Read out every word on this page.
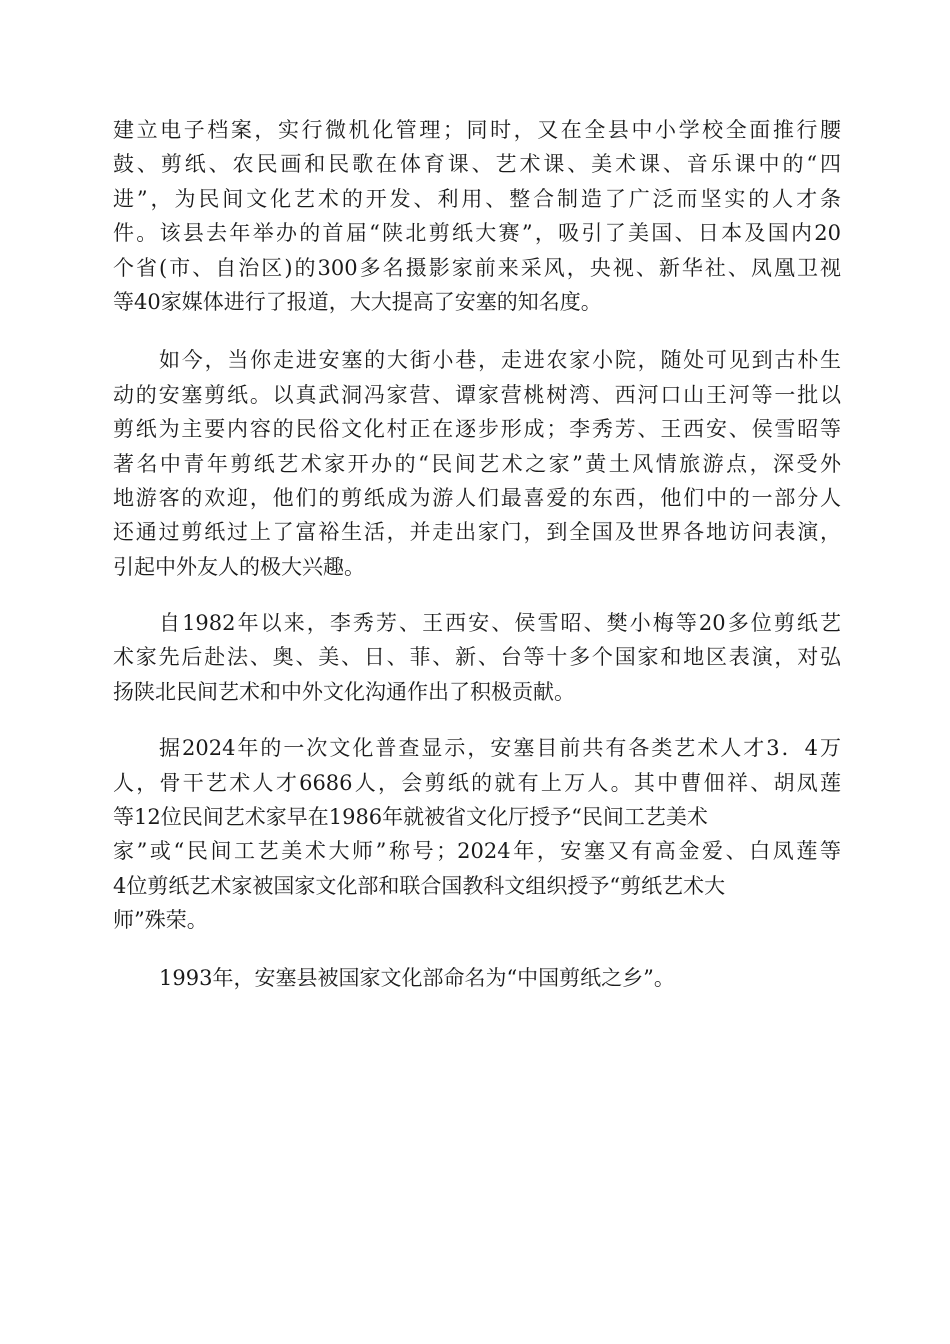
建立电子档案，实行微机化管理；同时，又在全县中小学校全面推行腰
鼓、剪纸、农民画和民歌在体育课、艺术课、美术课、音乐课中的“四
进”，为民间文化艺术的开发、利用、整合制造了广泛而坚实的人才条
件。该县去年举办的首届“陕北剪纸大赛”，吸引了美国、日本及国内20
个省(市、自治区)的300多名摄影家前来采风，央视、新华社、凤凰卫视
等40家媒体进行了报道，大大提高了安塞的知名度。
如今，当你走进安塞的大街小巷，走进农家小院，随处可见到古朴生
动的安塞剪纸。以真武洞冯家营、谭家营桃树湾、西河口山王河等一批以
剪纸为主要内容的民俗文化村正在逐步形成；李秀芳、王西安、侯雪昭等
著名中青年剪纸艺术家开办的“民间艺术之家”黄土风情旅游点，深受外
地游客的欢迎，他们的剪纸成为游人们最喜爱的东西，他们中的一部分人
还通过剪纸过上了富裕生活，并走出家门，到全国及世界各地访问表演，
引起中外友人的极大兴趣。
自1982年以来，李秀芳、王西安、侯雪昭、樊小梅等20多位剪纸艺
术家先后赴法、奥、美、日、菲、新、台等十多个国家和地区表演，对弘
扬陕北民间艺术和中外文化沟通作出了积极贡献。
据2024年的一次文化普查显示，安塞目前共有各类艺术人才3．4万
人，骨干艺术人才6686人，会剪纸的就有上万人。其中曹佃祥、胡凤莲
等12位民间艺术家早在1986年就被省文化厅授予“民间工艺美术
家”或“民间工艺美术大师”称号；2024年，安塞又有高金爱、白凤莲等
4位剪纸艺术家被国家文化部和联合国教科文组织授予“剪纸艺术大
师”殊荣。
1993年，安塞县被国家文化部命名为“中国剪纸之乡”。
